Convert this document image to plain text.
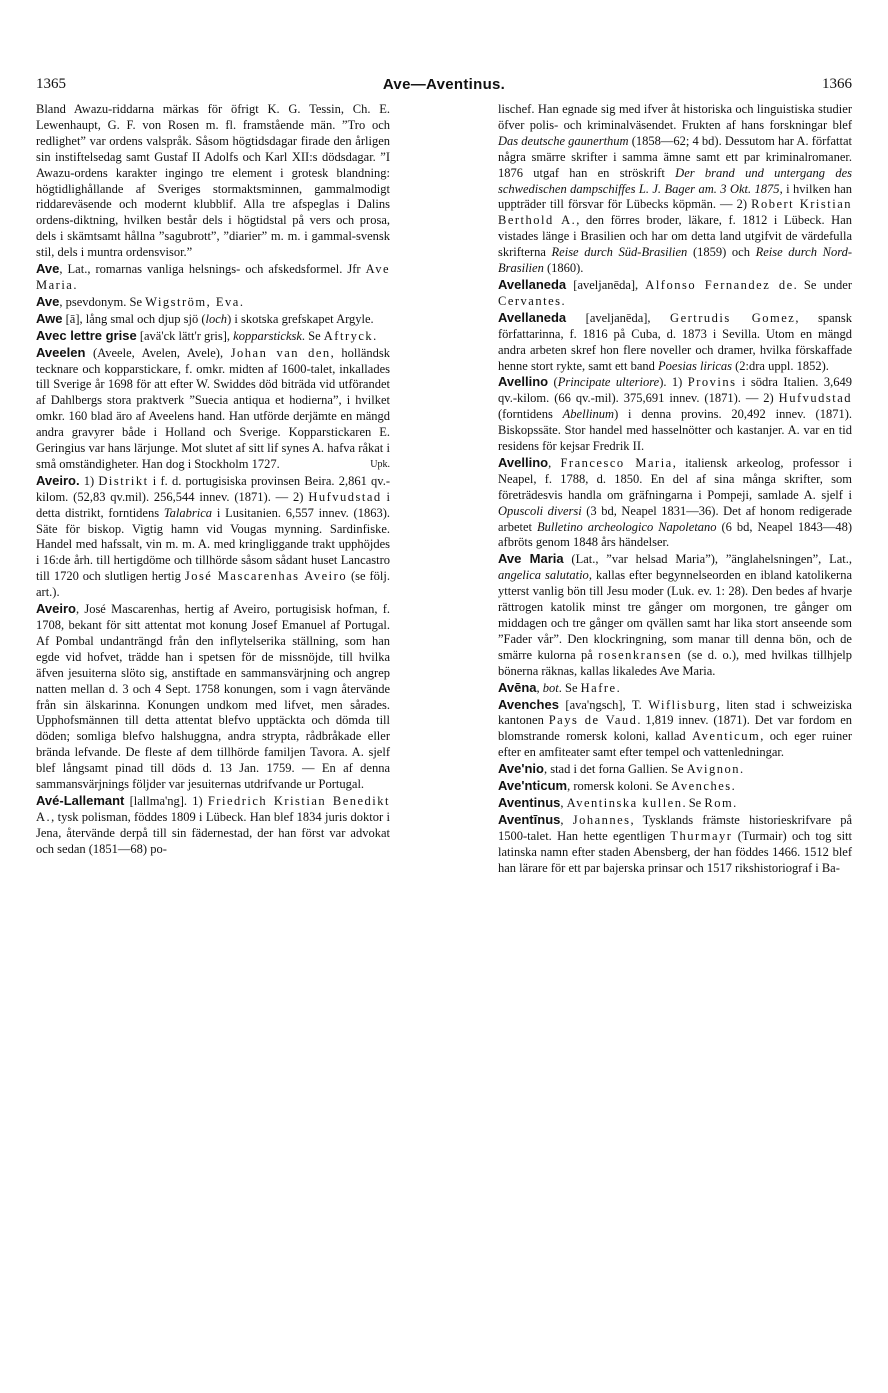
1365	Ave—Aventinus.	1366

Bland Awazu-riddarna märkas för öfrigt K. G. Tessin, Ch. E. Lewenhaupt, G. F. von Rosen m. fl. framstående män. ”Tro och redlighet” var ordens valspråk. Såsom högtidsdagar firade den årligen sin instiftelsedag samt Gustaf II Adolfs och Karl XII:s dödsdagar. ”I Awazu-ordens karakter ingingo tre element i grotesk blandning: högtidlighållande af Sveriges stormaktsminnen, gammalmodigt riddareväsende och modernt klubblif. Alla tre afspeglas i Dalins ordens-diktning, hvilken består dels i högtidstal på vers och prosa, dels i skämtsamt hållna ”sagubrott”, ”diarier” m. m. i gammal-svensk stil, dels i muntra ordensvisor.”

Ave, Lat., romarnas vanliga helsnings- och afskedsformel. Jfr Ave Maria.

Ave, psevdonym. Se Wigström, Eva.

Awe [ā], lång smal och djup sjö (loch) i skotska grefskapet Argyle.

Avec lettre grise [avä'ck lätt'r gris], kopparsticksk. Se Aftryck.

Aveelen (Aveele, Avelen, Avele), Johan van den, holländsk tecknare och kopparstickare, f. omkr. midten af 1600-talet, inkallades till Sverige år 1698 för att efter W. Swiddes död biträda vid utförandet af Dahlbergs stora praktverk ”Suecia antiqua et hodierna”, i hvilket omkr. 160 blad äro af Aveelens hand. Han utförde derjämte en mängd andra gravyrer både i Holland och Sverige. Kopparstickaren E. Geringius var hans lärjunge. Mot slutet af sitt lif synes A. hafva råkat i små omständigheter. Han dog i Stockholm 1727.	Upk.

Aveiro. 1) Distrikt i f. d. portugisiska provinsen Beira. 2,861 qv.-kilom. (52,83 qv.mil). 256,544 innev. (1871). — 2) Hufvudstad i detta distrikt, forntidens Talabrica i Lusitanien. 6,557 innev. (1863). Säte för biskop. Vigtig hamn vid Vougas mynning. Sardinfiske. Handel med hafssalt, vin m. m. A. med kringliggande trakt upphöjdes i 16:de årh. till hertigdöme och tillhörde såsom sådant huset Lancastro till 1720 och slutligen hertig José Mascarenhas Aveiro (se följ. art.).

Aveiro, José Mascarenhas, hertig af Aveiro, portugisisk hofman, f. 1708, bekant för sitt attentat mot konung Josef Emanuel af Portugal. Af Pombal undanträngd från den inflytelserika ställning, som han egde vid hofvet, trädde han i spetsen för de missnöjde, till hvilka äfven jesuiterna slöto sig, anstiftade en sammansvärjning och angrep natten mellan d. 3 och 4 Sept. 1758 konungen, som i vagn återvände från sin älskarinna. Konungen undkom med lifvet, men sårades. Upphofsmännen till detta attentat blefvo upptäckta och dömda till döden; somliga blefvo halshuggna, andra strypta, rådbråkade eller brända lefvande. De fleste af dem tillhörde familjen Tavora. A. sjelf blef långsamt pinad till döds d. 13 Jan. 1759. — En af denna sammansvärjnings följder var jesuiternas utdrifvande ur Portugal.

Avé-Lallemant [lallma'ng]. 1) Friedrich Kristian Benedikt A., tysk polisman, föddes 1809 i Lübeck. Han blef 1834 juris doktor i Jena, återvände derpå till sin fädernestad, der han först var advokat och sedan (1851—68) po-

lischef. Han egnade sig med ifver åt historiska och linguistiska studier öfver polis- och kriminalväsendet. Frukten af hans forskningar blef Das deutsche gaunerthum (1858—62; 4 bd). Dessutom har A. författat några smärre skrifter i samma ämne samt ett par kriminalromaner. 1876 utgaf han en ströskrift Der brand und untergang des schwedischen dampschiffes L. J. Bager am. 3 Okt. 1875, i hvilken han uppträder till försvar för Lübecks köpmän. — 2) Robert Kristian Berthold A., den förres broder, läkare, f. 1812 i Lübeck. Han vistades länge i Brasilien och har om detta land utgifvit de värdefulla skrifterna Reise durch Süd-Brasilien (1859) och Reise durch Nord-Brasilien (1860).

Avellaneda [aveljanēda], Alfonso Fernandez de. Se under Cervantes.

Avellaneda [aveljanēda], Gertrudis Gomez, spansk författarinna, f. 1816 på Cuba, d. 1873 i Sevilla. Utom en mängd andra arbeten skref hon flere noveller och dramer, hvilka förskaffade henne stort rykte, samt ett band Poesias liricas (2:dra uppl. 1852).

Avellino (Principate ulteriore). 1) Provins i södra Italien. 3,649 qv.-kilom. (66 qv.-mil). 375,691 innev. (1871). — 2) Hufvudstad (forntidens Abellinum) i denna provins. 20,492 innev. (1871). Biskopssäte. Stor handel med hasselnötter och kastanjer. A. var en tid residens för kejsar Fredrik II.

Avellino, Francesco Maria, italiensk arkeolog, professor i Neapel, f. 1788, d. 1850. En del af sina många skrifter, som företrädesvis handla om gräfningarna i Pompeji, samlade A. sjelf i Opuscoli diversi (3 bd, Neapel 1831—36). Det af honom redigerade arbetet Bulletino archeologico Napoletano (6 bd, Neapel 1843—48) afbröts genom 1848 års händelser.

Ave Maria (Lat., ”var helsad Maria”), ”änglahelsningen”, Lat., angelica salutatio, kallas efter begynnelseorden en ibland katolikerna ytterst vanlig bön till Jesu moder (Luk. ev. 1: 28). Den bedes af hvarje rättrogen katolik minst tre gånger om morgonen, tre gånger om middagen och tre gånger om qvällen samt har lika stort anseende som ”Fader vår”. Den klockringning, som manar till denna bön, och de smärre kulorna på rosenkransen (se d. o.), med hvilkas tillhjelp bönerna räknas, kallas likaledes Ave Maria.

Avēna, bot. Se Hafre.

Avenches [ava'ngsch], T. Wiflisburg, liten stad i schweiziska kantonen Pays de Vaud. 1,819 innev. (1871). Det var fordom en blomstrande romersk koloni, kallad Aventicum, och eger ruiner efter en amfiteater samt efter tempel och vattenledningar.

Ave'nio, stad i det forna Gallien. Se Avignon.

Ave'nticum, romersk koloni. Se Avenches.

Aventinus, Aventinska kullen. Se Rom.

Aventīnus, Johannes, Tysklands främste historieskrifvare på 1500-talet. Han hette egentligen Thurmayr (Turmair) och tog sitt latinska namn efter staden Abensberg, der han föddes 1466. 1512 blef han lärare för ett par bajerska prinsar och 1517 rikshistoriograf i Ba-
